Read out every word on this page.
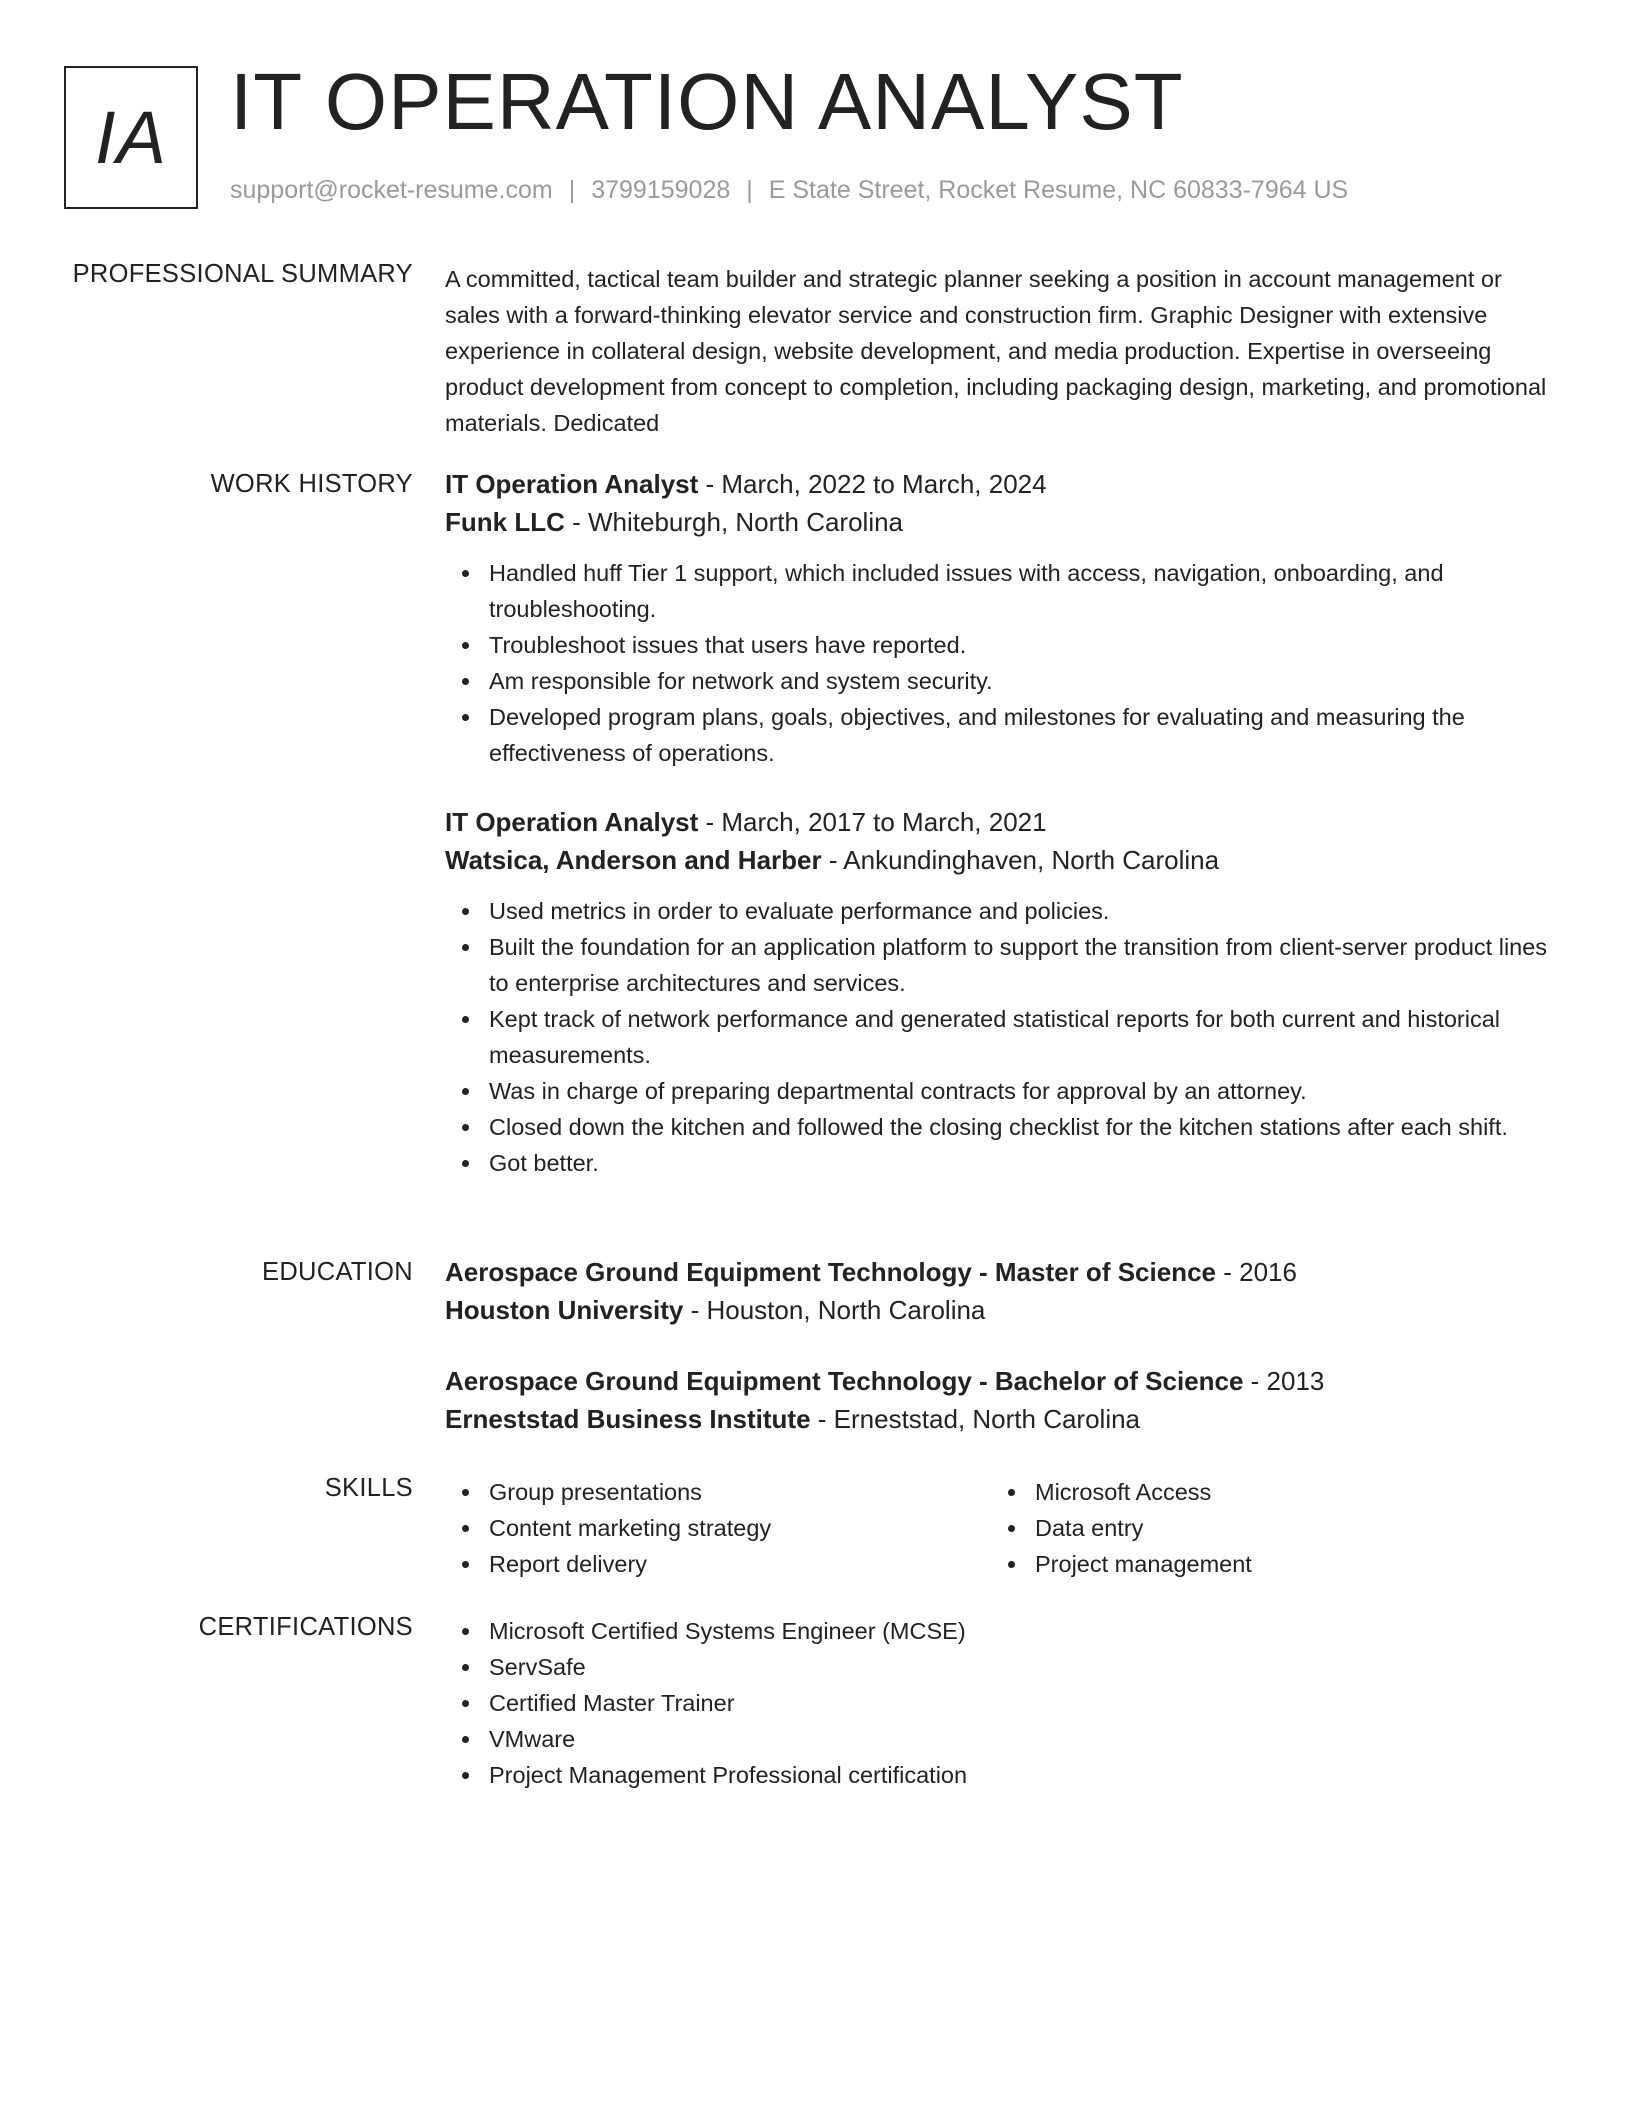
IA IT OPERATION ANALYST
support@rocket-resume.com | 3799159028 | E State Street, Rocket Resume, NC 60833-7964 US
PROFESSIONAL SUMMARY A committed, tactical team builder and strategic planner seeking a position in account management or sales with a forward-thinking elevator service and construction firm. Graphic Designer with extensive experience in collateral design, website development, and media production. Expertise in overseeing product development from concept to completion, including packaging design, marketing, and promotional materials. Dedicated

WORK HISTORY IT Operation Analyst - March, 2022 to March, 2024
Funk LLC - Whiteburgh, North Carolina
Handled huff Tier 1 support, which included issues with access, navigation, onboarding, and troubleshooting.
Troubleshoot issues that users have reported.
Am responsible for network and system security.
Developed program plans, goals, objectives, and milestones for evaluating and measuring the effectiveness of operations.
IT Operation Analyst - March, 2017 to March, 2021
Watsica, Anderson and Harber - Ankundinghaven, North Carolina
Used metrics in order to evaluate performance and policies.
Built the foundation for an application platform to support the transition from client-server product lines to enterprise architectures and services.
Kept track of network performance and generated statistical reports for both current and historical measurements.
Was in charge of preparing departmental contracts for approval by an attorney.
Closed down the kitchen and followed the closing checklist for the kitchen stations after each shift.
Got better.
EDUCATION Aerospace Ground Equipment Technology - Master of Science - 2016
Houston University - Houston, North Carolina
Aerospace Ground Equipment Technology - Bachelor of Science - 2013
Erneststad Business Institute - Erneststad, North Carolina
SKILLS	Group presentations
Content marketing strategy
Report delivery
Microsoft Access
Data entry
Project management
CERTIFICATIONS	Microsoft Certified Systems Engineer (MCSE)
ServSafe
Certified Master Trainer
VMware
Project Management Professional certification
